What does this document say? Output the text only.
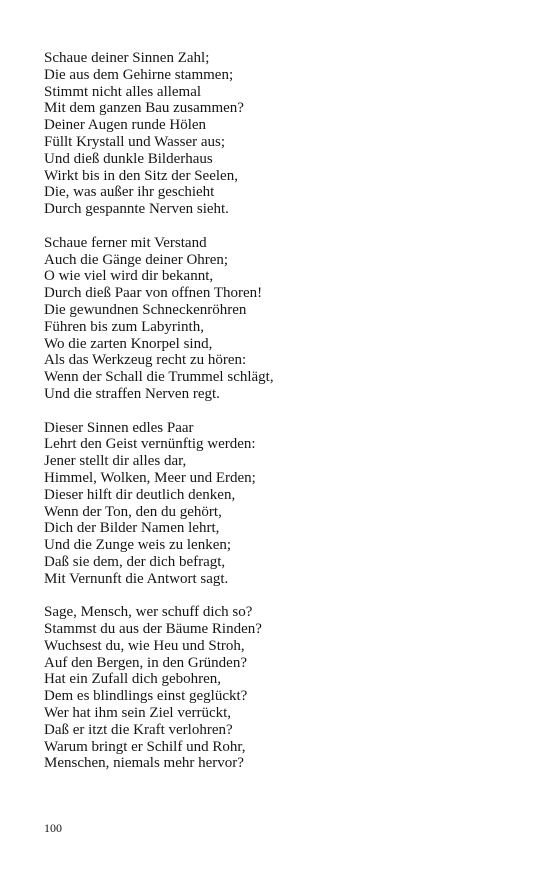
Schaue deiner Sinnen Zahl;
Die aus dem Gehirne stammen;
Stimmt nicht alles allemal
Mit dem ganzen Bau zusammen?
Deiner Augen runde Hölen
Füllt Krystall und Wasser aus;
Und dieß dunkle Bilderhaus
Wirkt bis in den Sitz der Seelen,
Die, was außer ihr geschieht
Durch gespannte Nerven sieht.
Schaue ferner mit Verstand
Auch die Gänge deiner Ohren;
O wie viel wird dir bekannt,
Durch dieß Paar von offnen Thoren!
Die gewundnen Schneckenröhren
Führen bis zum Labyrinth,
Wo die zarten Knorpel sind,
Als das Werkzeug recht zu hören:
Wenn der Schall die Trummel schlägt,
Und die straffen Nerven regt.
Dieser Sinnen edles Paar
Lehrt den Geist vernünftig werden:
Jener stellt dir alles dar,
Himmel, Wolken, Meer und Erden;
Dieser hilft dir deutlich denken,
Wenn der Ton, den du gehört,
Dich der Bilder Namen lehrt,
Und die Zunge weis zu lenken;
Daß sie dem, der dich befragt,
Mit Vernunft die Antwort sagt.
Sage, Mensch, wer schuff dich so?
Stammst du aus der Bäume Rinden?
Wuchsest du, wie Heu und Stroh,
Auf den Bergen, in den Gründen?
Hat ein Zufall dich gebohren,
Dem es blindlings einst geglückt?
Wer hat ihm sein Ziel verrückt,
Daß er itzt die Kraft verlohren?
Warum bringt er Schilf und Rohr,
Menschen, niemals mehr hervor?
100
